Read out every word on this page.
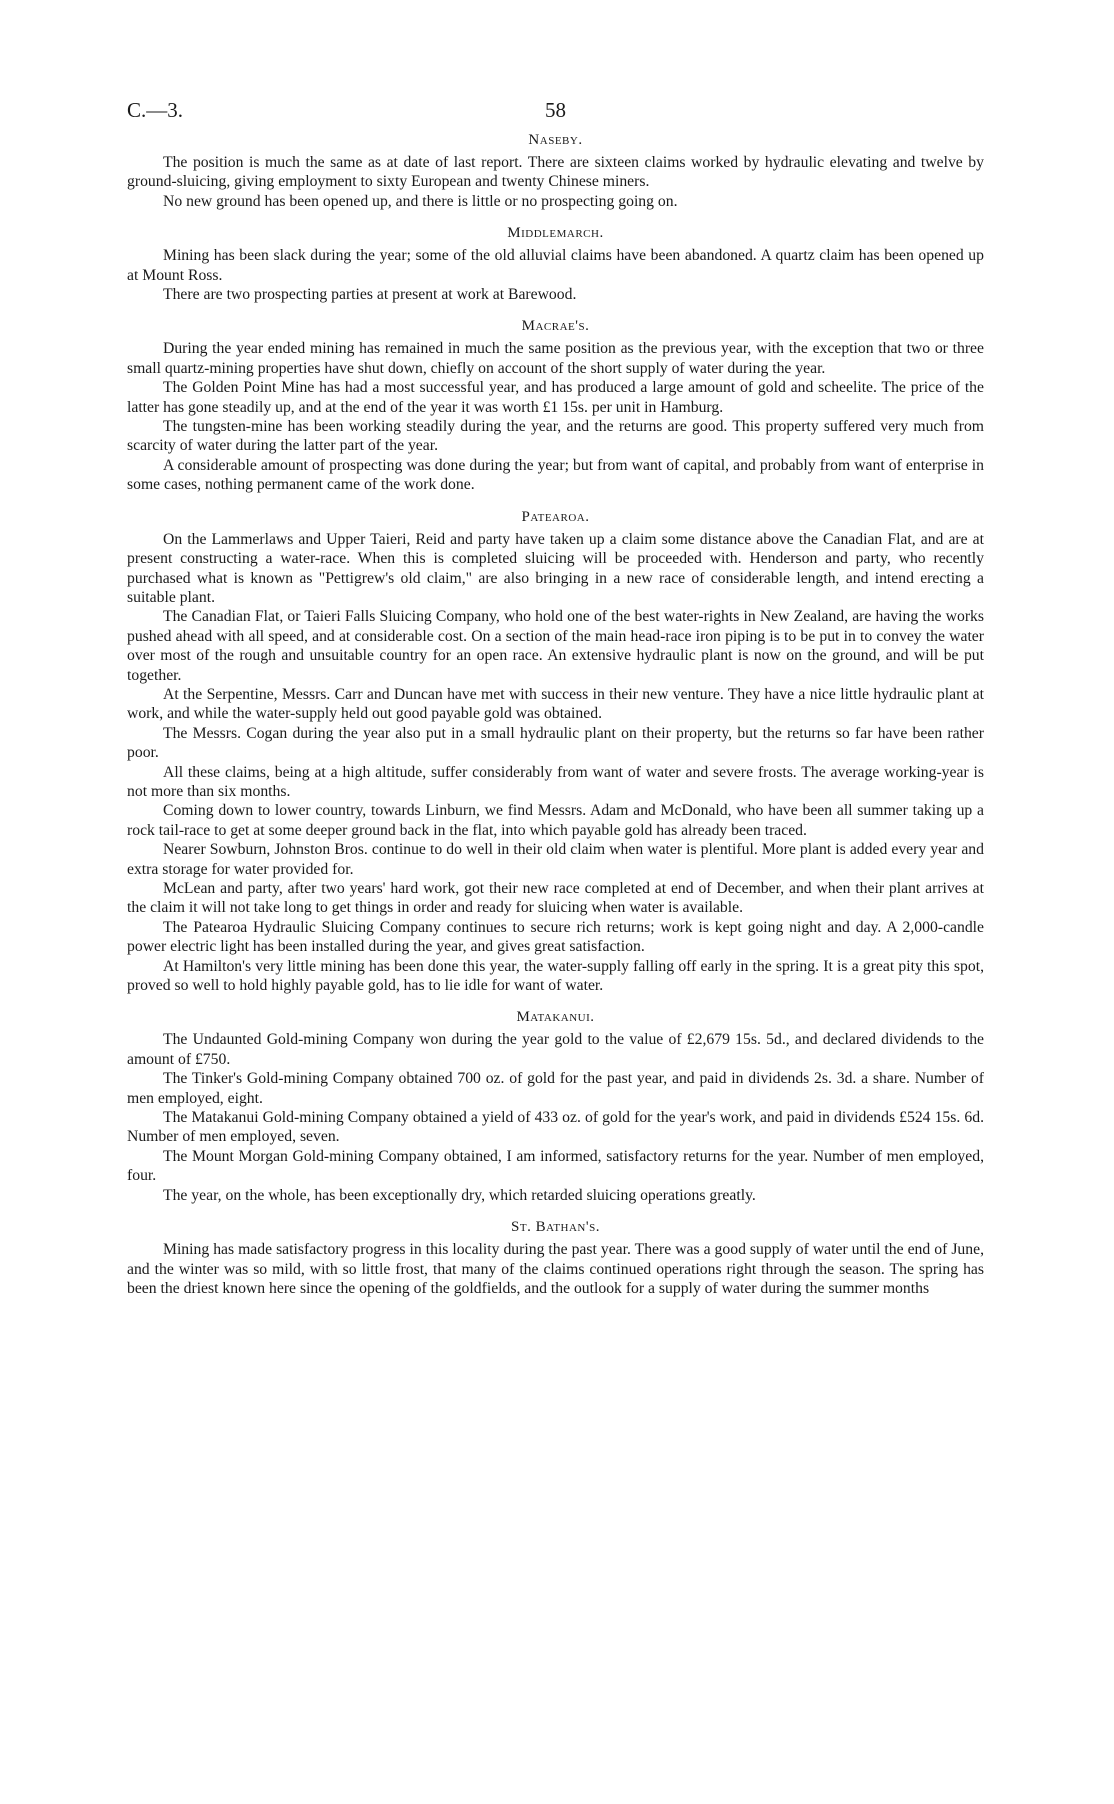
C.—3.	58
Naseby.

The position is much the same as at date of last report. There are sixteen claims worked by hydraulic elevating and twelve by ground-sluicing, giving employment to sixty European and twenty Chinese miners.

No new ground has been opened up, and there is little or no prospecting going on.

Middlemarch.

Mining has been slack during the year; some of the old alluvial claims have been abandoned. A quartz claim has been opened up at Mount Ross.

There are two prospecting parties at present at work at Barewood.

Macrae's.

During the year ended mining has remained in much the same position as the previous year, with the exception that two or three small quartz-mining properties have shut down, chiefly on account of the short supply of water during the year.

The Golden Point Mine has had a most successful year, and has produced a large amount of gold and scheelite. The price of the latter has gone steadily up, and at the end of the year it was worth £1 15s. per unit in Hamburg.

The tungsten-mine has been working steadily during the year, and the returns are good. This property suffered very much from scarcity of water during the latter part of the year.

A considerable amount of prospecting was done during the year; but from want of capital, and probably from want of enterprise in some cases, nothing permanent came of the work done.

Patearoa.

On the Lammerlaws and Upper Taieri, Reid and party have taken up a claim some distance above the Canadian Flat, and are at present constructing a water-race. When this is completed sluicing will be proceeded with. Henderson and party, who recently purchased what is known as "Pettigrew's old claim," are also bringing in a new race of considerable length, and intend erecting a suitable plant.

The Canadian Flat, or Taieri Falls Sluicing Company, who hold one of the best water-rights in New Zealand, are having the works pushed ahead with all speed, and at considerable cost. On a section of the main head-race iron piping is to be put in to convey the water over most of the rough and unsuitable country for an open race. An extensive hydraulic plant is now on the ground, and will be put together.

At the Serpentine, Messrs. Carr and Duncan have met with success in their new venture. They have a nice little hydraulic plant at work, and while the water-supply held out good payable gold was obtained.

The Messrs. Cogan during the year also put in a small hydraulic plant on their property, but the returns so far have been rather poor.

All these claims, being at a high altitude, suffer considerably from want of water and severe frosts. The average working-year is not more than six months.

Coming down to lower country, towards Linburn, we find Messrs. Adam and McDonald, who have been all summer taking up a rock tail-race to get at some deeper ground back in the flat, into which payable gold has already been traced.

Nearer Sowburn, Johnston Bros. continue to do well in their old claim when water is plentiful. More plant is added every year and extra storage for water provided for.

McLean and party, after two years' hard work, got their new race completed at end of December, and when their plant arrives at the claim it will not take long to get things in order and ready for sluicing when water is available.

The Patearoa Hydraulic Sluicing Company continues to secure rich returns; work is kept going night and day. A 2,000-candle power electric light has been installed during the year, and gives great satisfaction.

At Hamilton's very little mining has been done this year, the water-supply falling off early in the spring. It is a great pity this spot, proved so well to hold highly payable gold, has to lie idle for want of water.

Matakanui.

The Undaunted Gold-mining Company won during the year gold to the value of £2,679 15s. 5d., and declared dividends to the amount of £750.

The Tinker's Gold-mining Company obtained 700 oz. of gold for the past year, and paid in dividends 2s. 3d. a share. Number of men employed, eight.

The Matakanui Gold-mining Company obtained a yield of 433 oz. of gold for the year's work, and paid in dividends £524 15s. 6d. Number of men employed, seven.

The Mount Morgan Gold-mining Company obtained, I am informed, satisfactory returns for the year. Number of men employed, four.

The year, on the whole, has been exceptionally dry, which retarded sluicing operations greatly.

St. Bathan's.

Mining has made satisfactory progress in this locality during the past year. There was a good supply of water until the end of June, and the winter was so mild, with so little frost, that many of the claims continued operations right through the season. The spring has been the driest known here since the opening of the goldfields, and the outlook for a supply of water during the summer months
